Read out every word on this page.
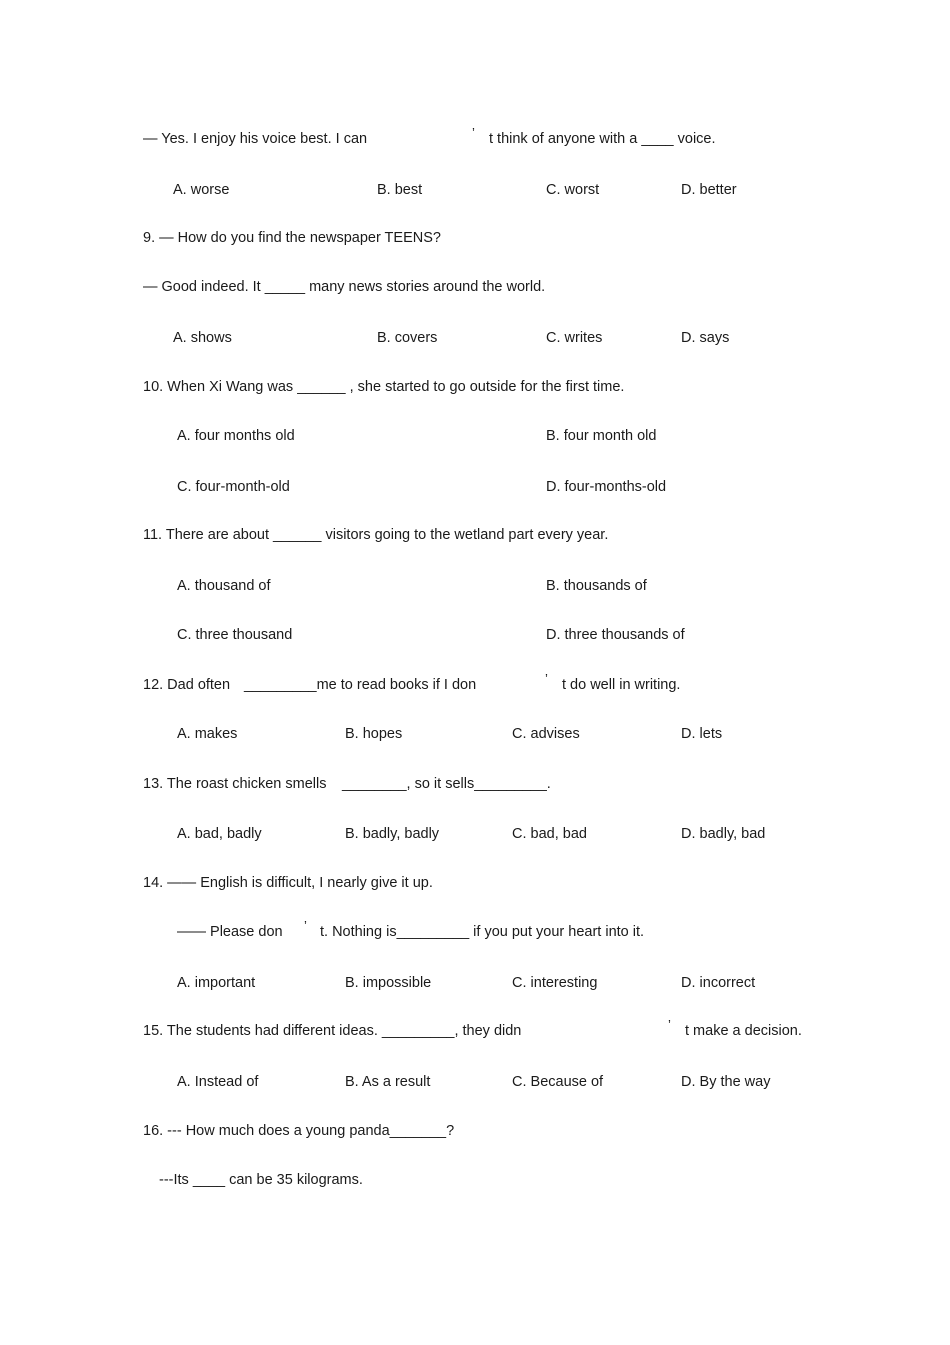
— Yes. I enjoy his voice best. I can	’ t think of anyone with a ____ voice.
A. worse	B. best	C. worst	D. better
9. — How do you find the newspaper TEENS?
— Good indeed. It _____ many news stories around the world.
A. shows	B. covers	C. writes	D. says
10. When Xi Wang was ______ , she started to go outside for the first time.
A. four months old	B. four month old
C. four-month-old	D. four-months-old
11. There are about ______ visitors going to the wetland part every year.
A. thousand of	B. thousands of
C. three thousand	D. three thousands of
12. Dad often _________me to read books if I don	’ t do well in writing.
A. makes	B. hopes	C. advises	D. lets
13. The roast chicken smells ________, so it sells_________.
A. bad, badly	B. badly, badly	C. bad, bad	D. badly, bad
14. —— English is difficult, I nearly give it up.
—— Please don ’ t. Nothing is_________ if you put your heart into it.
A. important	B. impossible	C. interesting	D. incorrect
15. The students had different ideas. _________, they didn	’ t make a decision.
A. Instead of	B. As a result	C. Because of	D. By the way
16. --- How much does a young panda_______?
---Its ____ can be 35 kilograms.
